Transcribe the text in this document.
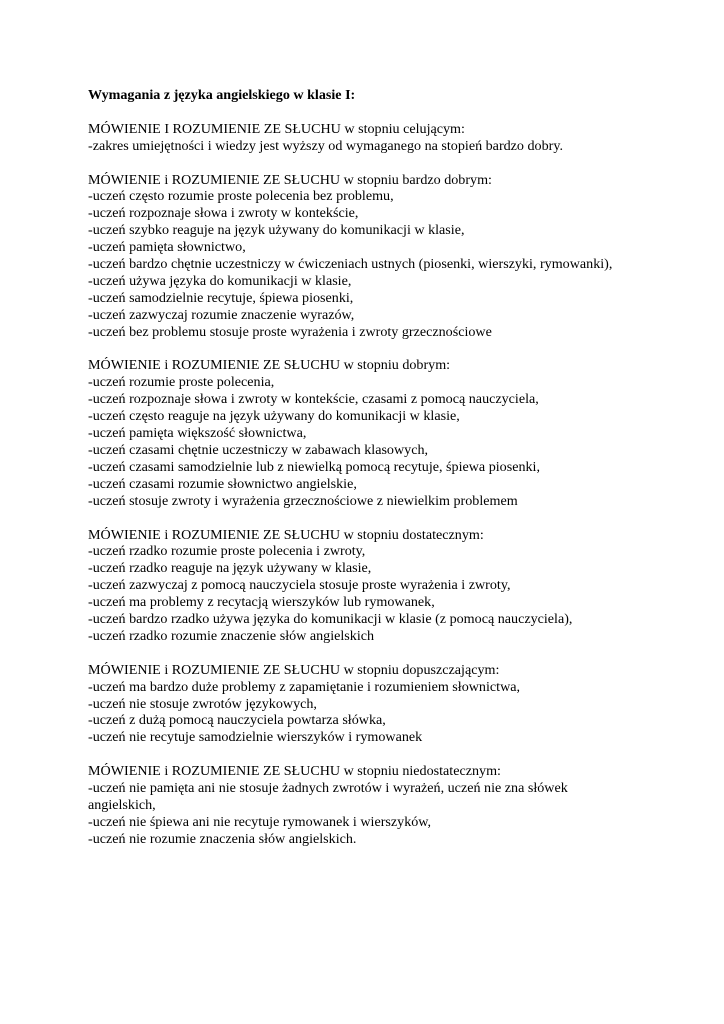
Wymagania z języka angielskiego w klasie I:
MÓWIENIE I ROZUMIENIE ZE SŁUCHU w stopniu celującym:
-zakres umiejętności i wiedzy jest wyższy od wymaganego na stopień bardzo dobry.
MÓWIENIE i ROZUMIENIE ZE SŁUCHU w stopniu bardzo dobrym:
-uczeń często rozumie proste polecenia bez problemu,
-uczeń rozpoznaje słowa i zwroty w kontekście,
-uczeń szybko reaguje na język używany do komunikacji w klasie,
-uczeń pamięta słownictwo,
-uczeń bardzo chętnie uczestniczy w ćwiczeniach ustnych (piosenki, wierszyki, rymowanki),
-uczeń używa języka do komunikacji w klasie,
-uczeń samodzielnie recytuje, śpiewa piosenki,
-uczeń zazwyczaj rozumie znaczenie wyrazów,
-uczeń bez problemu stosuje proste wyrażenia i zwroty grzecznościowe
MÓWIENIE i ROZUMIENIE ZE SŁUCHU w stopniu dobrym:
-uczeń rozumie proste polecenia,
-uczeń rozpoznaje słowa i zwroty w kontekście, czasami z pomocą nauczyciela,
-uczeń często reaguje na język używany do komunikacji w klasie,
-uczeń pamięta większość słownictwa,
-uczeń czasami chętnie uczestniczy w zabawach klasowych,
-uczeń czasami samodzielnie lub z niewielką pomocą recytuje, śpiewa piosenki,
-uczeń czasami rozumie słownictwo angielskie,
-uczeń stosuje zwroty i wyrażenia grzecznościowe z niewielkim problemem
MÓWIENIE i ROZUMIENIE ZE SŁUCHU w stopniu dostatecznym:
-uczeń rzadko rozumie proste polecenia i zwroty,
-uczeń rzadko reaguje na język używany w klasie,
-uczeń zazwyczaj z pomocą nauczyciela stosuje proste wyrażenia i zwroty,
-uczeń ma problemy z recytacją wierszyków lub rymowanek,
-uczeń bardzo rzadko używa języka do komunikacji w klasie (z pomocą nauczyciela),
-uczeń rzadko rozumie znaczenie słów angielskich
MÓWIENIE i ROZUMIENIE ZE SŁUCHU w stopniu dopuszczającym:
-uczeń ma bardzo duże problemy z zapamiętanie i rozumieniem słownictwa,
-uczeń nie stosuje zwrotów językowych,
-uczeń z dużą pomocą nauczyciela powtarza słówka,
-uczeń nie recytuje samodzielnie wierszyków i rymowanek
MÓWIENIE i ROZUMIENIE ZE SŁUCHU w stopniu niedostatecznym:
-uczeń nie pamięta ani nie stosuje żadnych zwrotów i wyrażeń, uczeń nie zna słówek angielskich,
-uczeń nie śpiewa ani nie recytuje rymowanek i wierszyków,
-uczeń nie rozumie znaczenia słów angielskich.
